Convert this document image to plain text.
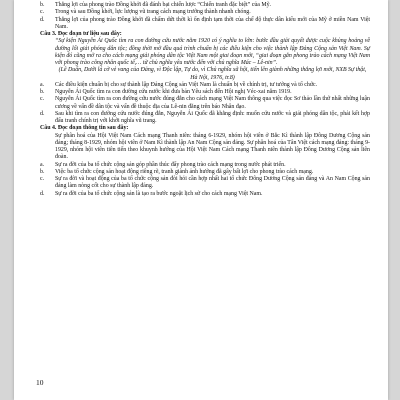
b. Thắng lợi của phong trào Đồng khởi đã đánh bại chiến lược “Chiến tranh đặc biệt” của Mỹ.
c. Trong và sau Đồng khởi, lực lượng vũ trang cách mạng trưởng thành nhanh chóng.
d. Thắng lợi của phong trào Đồng khởi đã chấm dứt thời kì ổn định tạm thời của chế độ thực dân kiểu mới của Mỹ ở miền Nam Việt Nam.

Câu 3. Đọc đoạn tư liệu sau đây:

“Sự kiện Nguyễn Ái Quốc tìm ra con đường cứu nước năm 1920 có ý nghĩa to lớn: bước đầu giải quyết được cuộc khủng hoảng về đường lối giải phóng dân tộc; đồng thời mở đầu quá trình chuẩn bị các điều kiện cho việc thành lập Đảng Cộng sản Việt Nam. Sự kiện đó cũng mở ra cho cách mạng giải phóng dân tộc Việt Nam một giai đoạn mới, “giai đoạn gắn phong trào cách mạng Việt Nam với phong trào công nhân quốc tế,… từ chủ nghĩa yêu nước đến với chủ nghĩa Mác – Lê-nin”.

(Lê Duẩn, Dưới lá cờ vẻ vang của Đảng, vì Độc lập, Tự do, vì Chủ nghĩa xã hội, tiến lên giành những thắng lợi mới, NXB Sự thật, Hà Nội, 1976, tr.8)

a. Các điều kiện chuẩn bị cho sự thành lập Đảng Cộng sản Việt Nam là chuẩn bị về chính trị, tư tưởng và tổ chức.
b. Nguyễn Ái Quốc tìm ra con đường cứu nước khi đưa bản Yêu sách đến Hội nghị Véc-xai năm 1919.
c. Nguyễn Ái Quốc tìm ra con đường cứu nước đúng đắn cho cách mạng Việt Nam thông qua việc đọc Sơ thảo lần thứ nhất những luận cương về vấn đề dân tộc và vấn đề thuộc địa của Lê-nin đăng trên báo Nhân đạo.
d. Sau khi tìm ra con đường cứu nước đúng đắn, Nguyễn Ái Quốc đã khẳng định: muốn cứu nước và giải phóng dân tộc, phải kết hợp đấu tranh chính trị với khởi nghĩa vũ trang.

Câu 4. Đọc đoạn thông tin sau đây:

Sự phân hoá của Hội Việt Nam Cách mạng Thanh niên: tháng 6-1929, nhóm hội viên ở Bắc Kì thành lập Đông Dương Cộng sản đảng; tháng 8-1929, nhóm hội viên ở Nam Kì thành lập An Nam Cộng sản đảng. Sự phân hoá của Tân Việt cách mạng đảng: tháng 9-1929, nhóm hội viên tiên tiến theo khuynh hướng của Hội Việt Nam Cách mạng Thanh niên thành lập Đông Dương Cộng sản liên đoàn.

a. Sự ra đời của ba tổ chức cộng sản góp phần thúc đẩy phong trào cách mạng trong nước phát triển.
b. Việc ba tổ chức cộng sản hoạt động riêng rẽ, tranh giành ảnh hưởng đã gây bất lợi cho phong trào cách mạng.
c. Sự ra đời và hoạt động của ba tổ chức cộng sản đòi hỏi cần hợp nhất hai tổ chức Đông Dương Cộng sản đảng và An Nam Cộng sản đảng làm nòng cốt cho sự thành lập đảng.
d. Sự ra đời của ba tổ chức cộng sản là tạo ra bước ngoặt lịch sử cho cách mạng Việt Nam.
10
